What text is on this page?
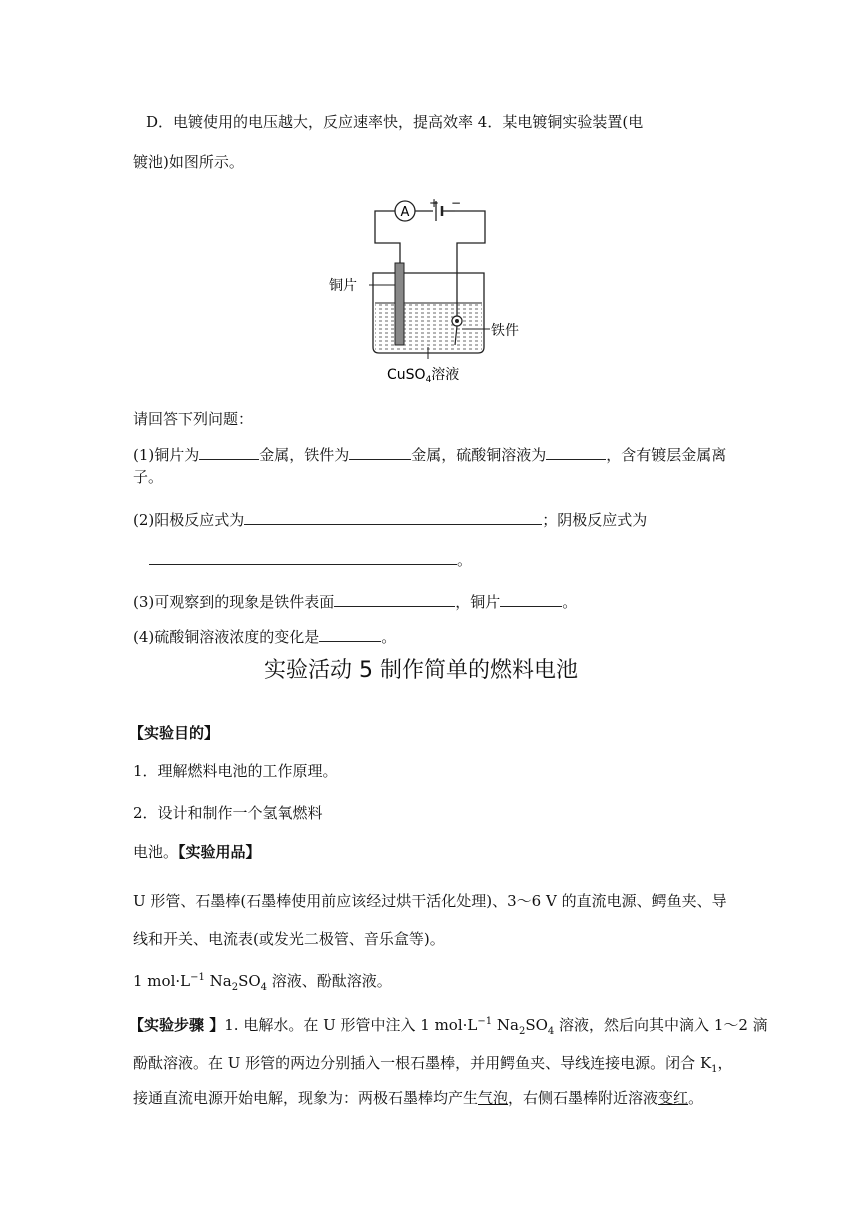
D．电镀使用的电压越大，反应速率快，提高效率 4．某电镀铜实验装置(电
镀池)如图所示。
A
+ −
铜片
铁件
CuSO$_4$溶液
请回答下列问题：
(1)铜片为	金属，铁件为	金属，硫酸铜溶液为	，含有镀层金属离
子。
(2)阳极反应式为	；阴极反应式为
。
(3)可观察到的现象是铁件表面	，铜片	。
(4)硫酸铜溶液浓度的变化是	。
实验活动 5 制作简单的燃料电池
【实验目的】
1．理解燃料电池的工作原理。
2．设计和制作一个氢氧燃料
电池。【实验用品】
U 形管、石墨棒(石墨棒使用前应该经过烘干活化处理)、3～6 V 的直流电源、鳄鱼夹、导
线和开关、电流表(或发光二极管、音乐盒等)。
1 $mol\cdot L^{-1}$ $Na_2SO_4$ 溶液、酚酞溶液。
【实验步骤 】1. 电解水。在 U 形管中注入 1 $mol\cdot L^{-1}$ $Na_2SO_4$ 溶液，然后向其中滴入 1～2 滴
酚酞溶液。在 U 形管的两边分别插入一根石墨棒，并用鳄鱼夹、导线连接电源。闭合 $K_1$，
接通直流电源开始电解，现象为：两极石墨棒均产生气泡，右侧石墨棒附近溶液变红。
